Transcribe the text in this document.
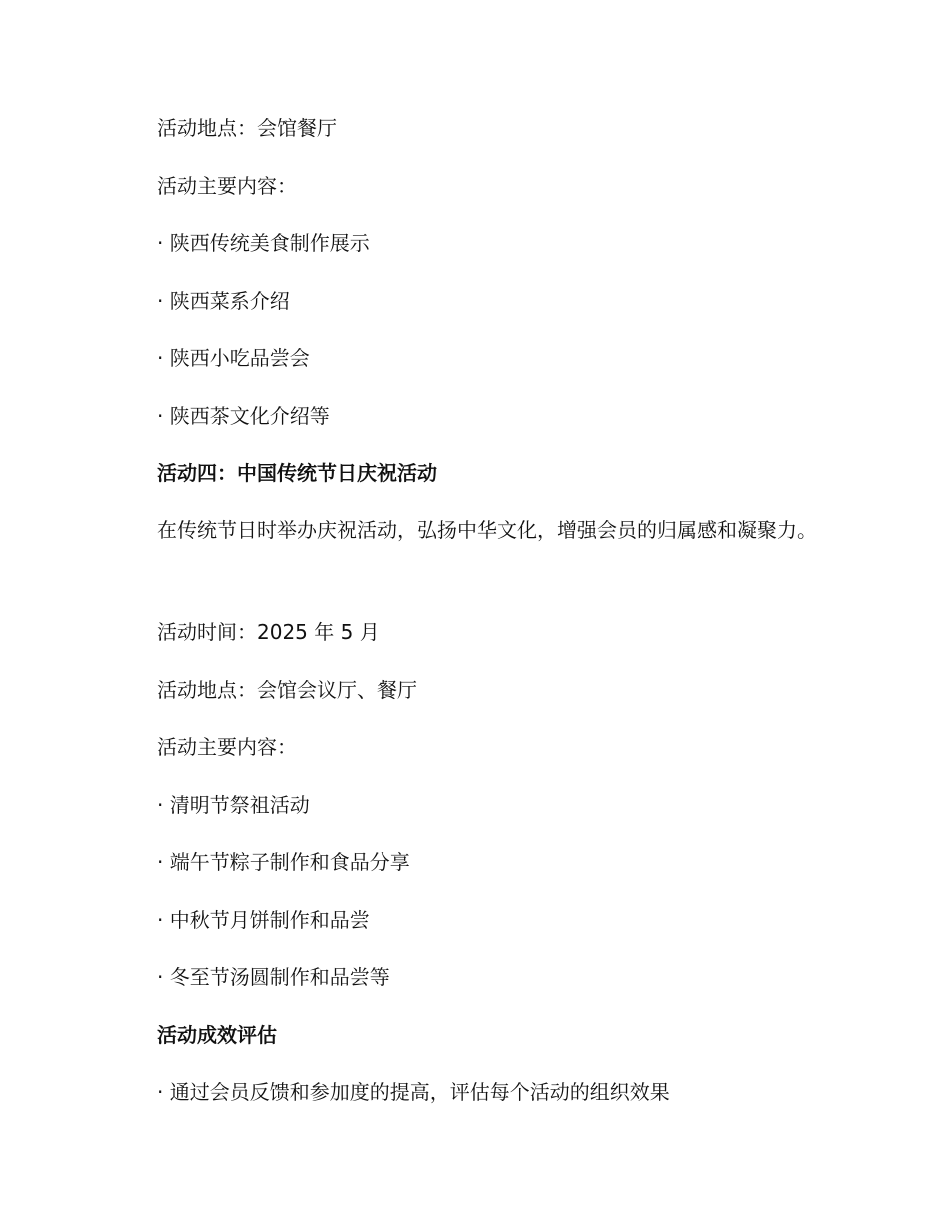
活动地点：会馆餐厅
活动主要内容：
· 陕西传统美食制作展示
· 陕西菜系介绍
· 陕西小吃品尝会
· 陕西茶文化介绍等
活动四：中国传统节日庆祝活动
在传统节日时举办庆祝活动，弘扬中华文化，增强会员的归属感和凝聚力。
活动时间：2025 年 5 月
活动地点：会馆会议厅、餐厅
活动主要内容：
· 清明节祭祖活动
· 端午节粽子制作和食品分享
· 中秋节月饼制作和品尝
· 冬至节汤圆制作和品尝等
活动成效评估
· 通过会员反馈和参加度的提高，评估每个活动的组织效果
